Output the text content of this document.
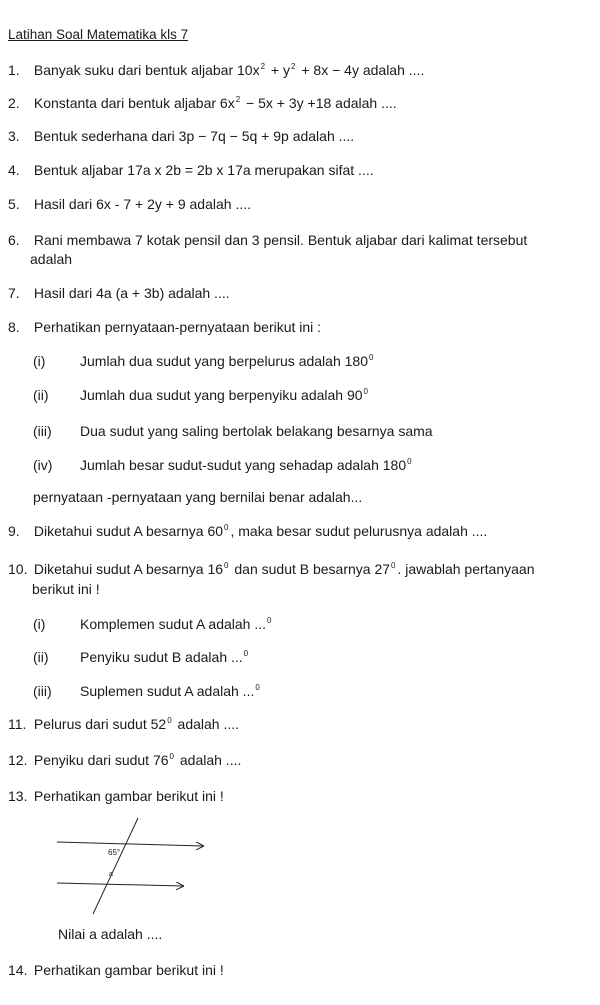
Latihan Soal Matematika kls 7
1. Banyak suku dari bentuk aljabar $10x^2 + y^2 + 8x - 4y$ adalah ....
2. Konstanta dari bentuk aljabar $6x^2 - 5x + 3y +18$ adalah ....
3. Bentuk sederhana dari 3p − 7q − 5q + 9p adalah ....
4. Bentuk aljabar 17a x 2b = 2b x 17a merupakan sifat ....
5. Hasil dari 6x - 7 + 2y + 9 adalah ....
6. Rani membawa 7 kotak pensil dan 3 pensil. Bentuk aljabar dari kalimat tersebut
adalah
7. Hasil dari 4a (a + 3b) adalah ....
8. Perhatikan pernyataan-pernyataan berikut ini :
(i) Jumlah dua sudut yang berpelurus adalah $180^0$
(ii) Jumlah dua sudut yang berpenyiku adalah $90^0$
(iii) Dua sudut yang saling bertolak belakang besarnya sama
(iv) Jumlah besar sudut-sudut yang sehadap adalah $180^0$
pernyataan -pernyataan yang bernilai benar adalah...
9. Diketahui sudut A besarnya $60^0$ , maka besar sudut pelurusnya adalah ....
10. Diketahui sudut A besarnya $16^0$ dan sudut B besarnya $27^0$ . jawablah pertanyaan
berikut ini !
(i) Komplemen sudut A adalah ...$^0$
(ii) Penyiku sudut B adalah ...$^0$
(iii) Suplemen sudut A adalah ...$^0$
11. Pelurus dari sudut $52^0$ adalah ....
12. Penyiku dari sudut $76^0$ adalah ....
13. Perhatikan gambar berikut ini !
65°
a
Nilai a adalah ....
14. Perhatikan gambar berikut ini !
